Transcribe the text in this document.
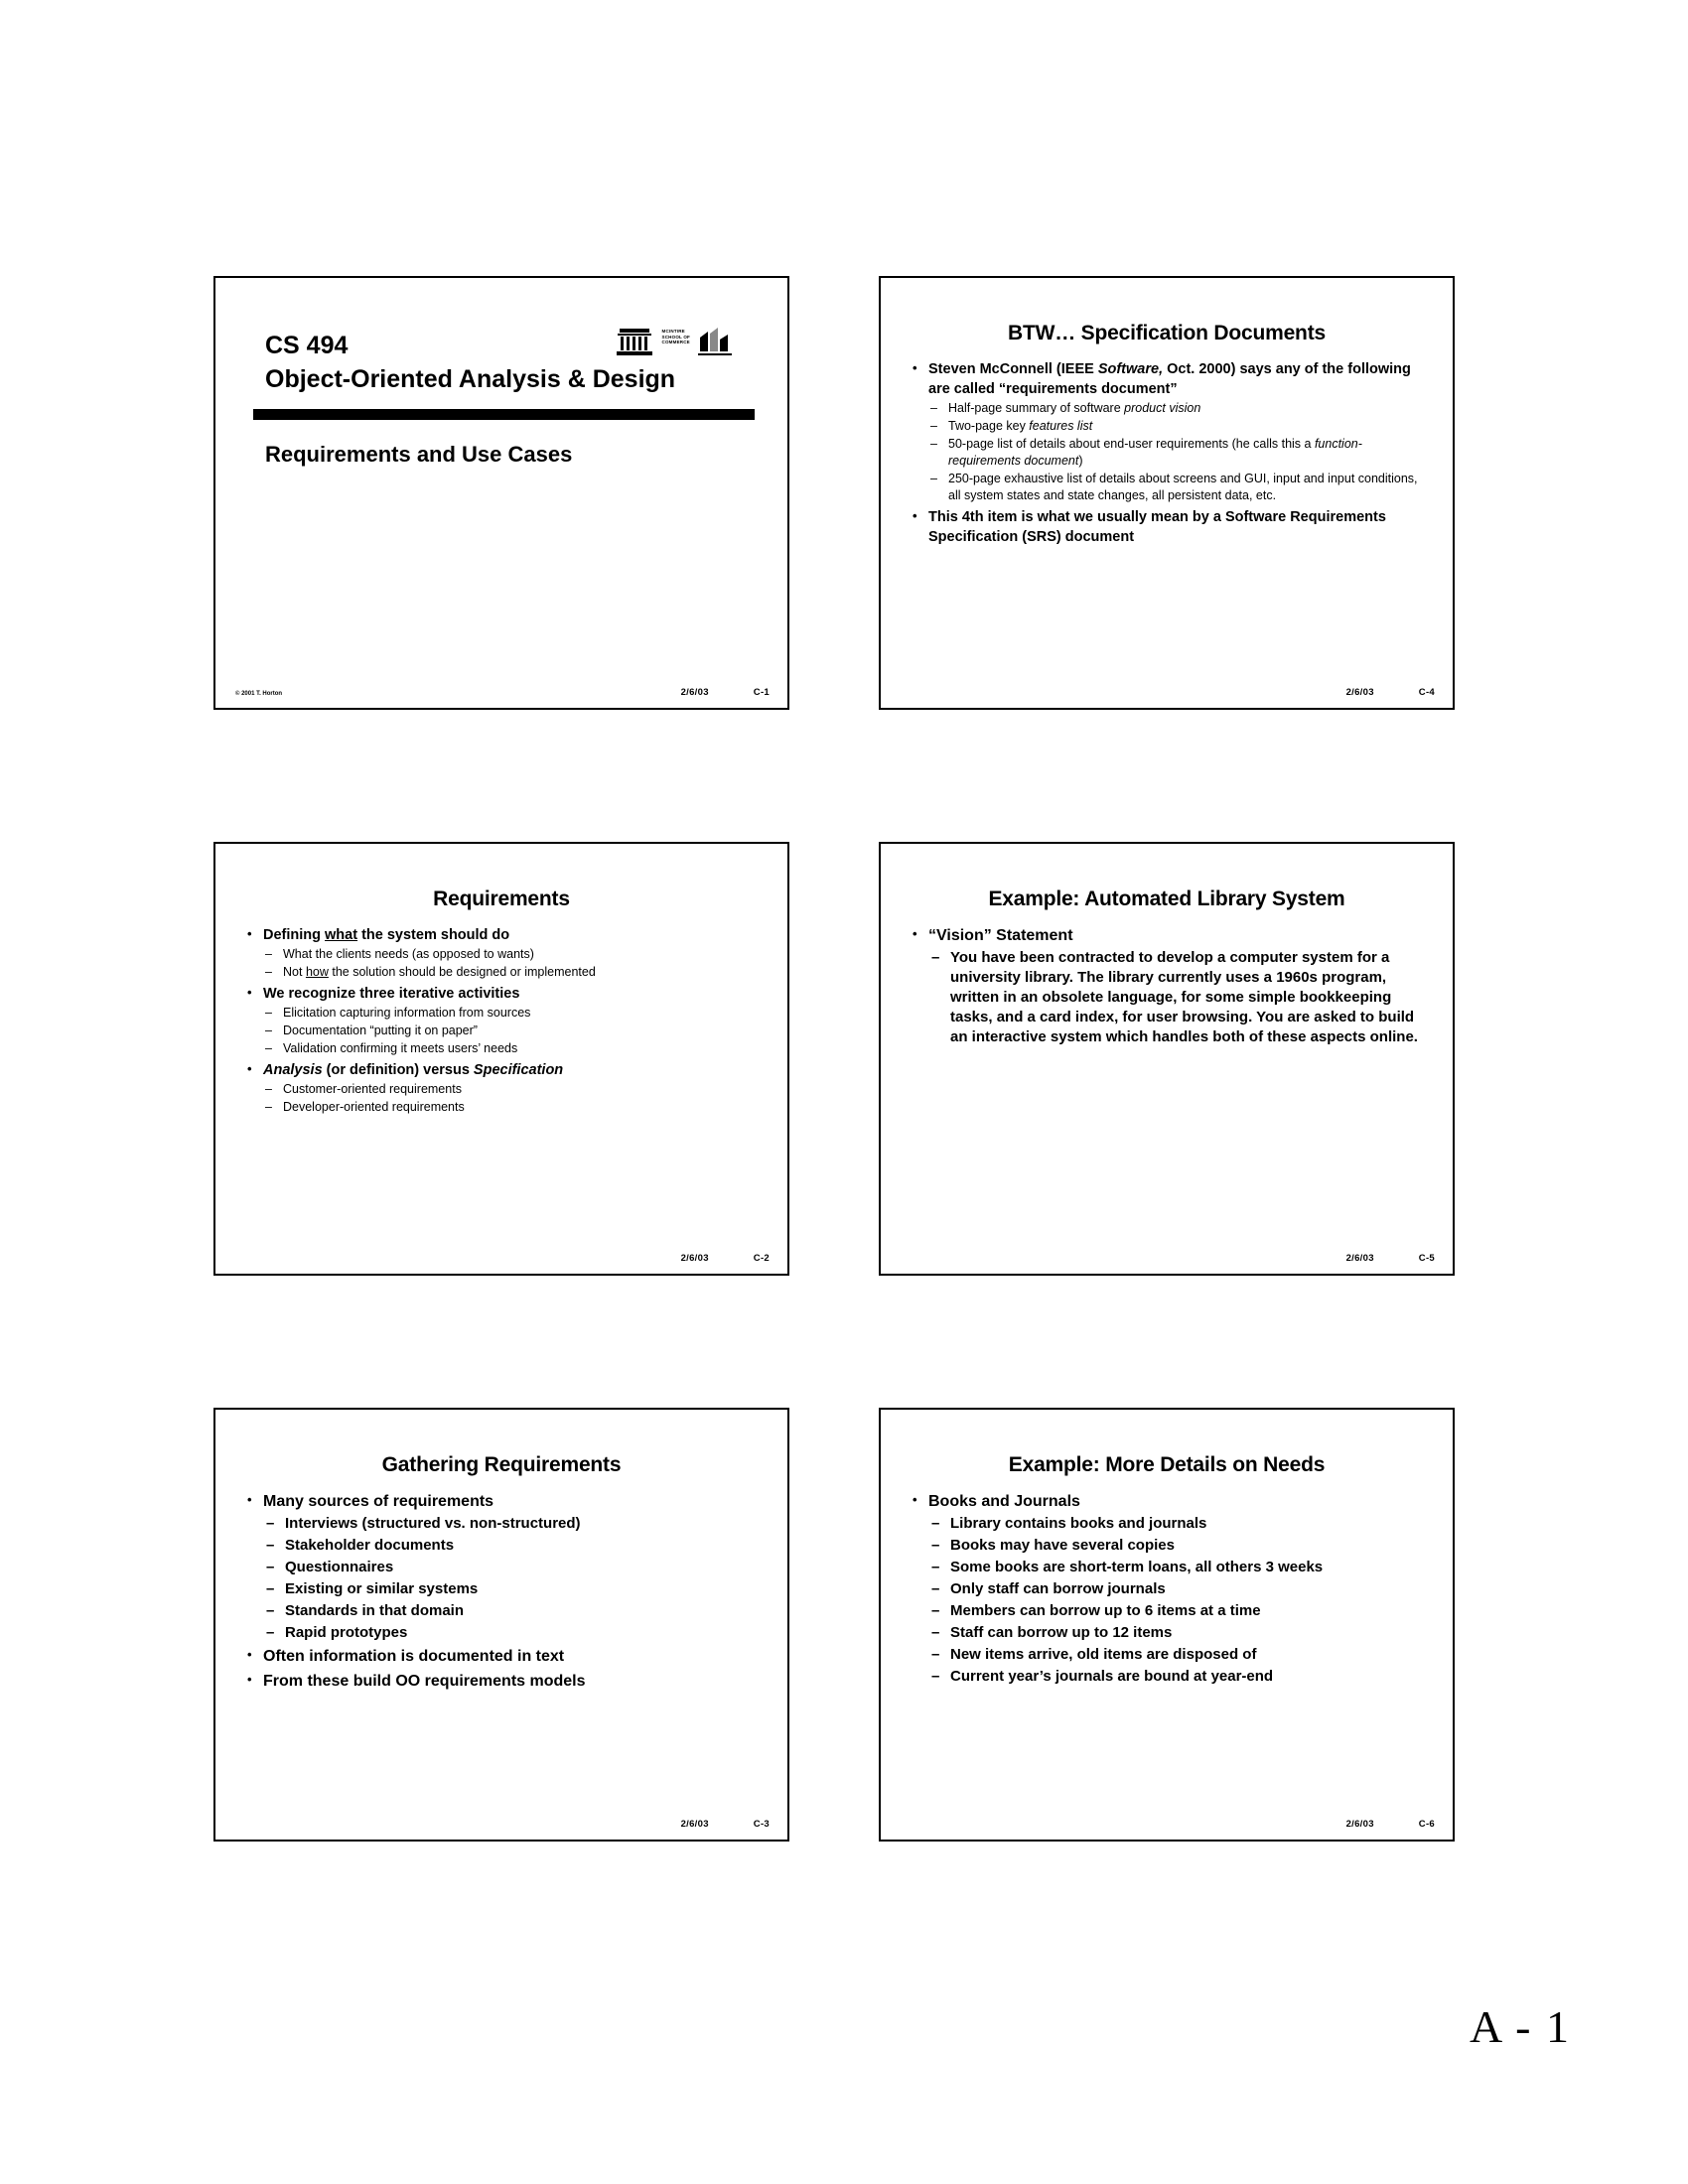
MCINTIRE
SCHOOL OF
COMMERCE
CS 494
Object-Oriented Analysis & Design
Requirements and Use Cases
© 2001 T. Horton	2/6/03	C-1
BTW… Specification Documents
• Steven McConnell (IEEE Software, Oct. 2000) says any of the following are called “requirements document”
– Half-page summary of software product vision
– Two-page key features list
– 50-page list of details about end-user requirements (he calls this a function-requirements document)
– 250-page exhaustive list of details about screens and GUI, input and input conditions, all system states and state changes, all persistent data, etc.
• This 4th item is what we usually mean by a Software Requirements Specification (SRS) document
2/6/03	C-4
Requirements
• Defining what the system should do
– What the clients needs (as opposed to wants)
– Not how the solution should be designed or implemented
• We recognize three iterative activities
– Elicitation capturing information from sources
– Documentation “putting it on paper”
– Validation confirming it meets users’ needs
• Analysis (or definition) versus Specification
– Customer-oriented requirements
– Developer-oriented requirements
2/6/03	C-2
Example: Automated Library System
• “Vision” Statement
– You have been contracted to develop a computer system for a university library. The library currently uses a 1960s program, written in an obsolete language, for some simple bookkeeping tasks, and a card index, for user browsing. You are asked to build an interactive system which handles both of these aspects online.
2/6/03	C-5
Gathering Requirements
• Many sources of requirements
– Interviews (structured vs. non-structured)
– Stakeholder documents
– Questionnaires
– Existing or similar systems
– Standards in that domain
– Rapid prototypes
• Often information is documented in text
• From these build OO requirements models
2/6/03	C-3
Example: More Details on Needs
• Books and Journals
– Library contains books and journals
– Books may have several copies
– Some books are short-term loans, all others 3 weeks
– Only staff can borrow journals
– Members can borrow up to 6 items at a time
– Staff can borrow up to 12 items
– New items arrive, old items are disposed of
– Current year’s journals are bound at year-end
2/6/03	C-6
A - 1
